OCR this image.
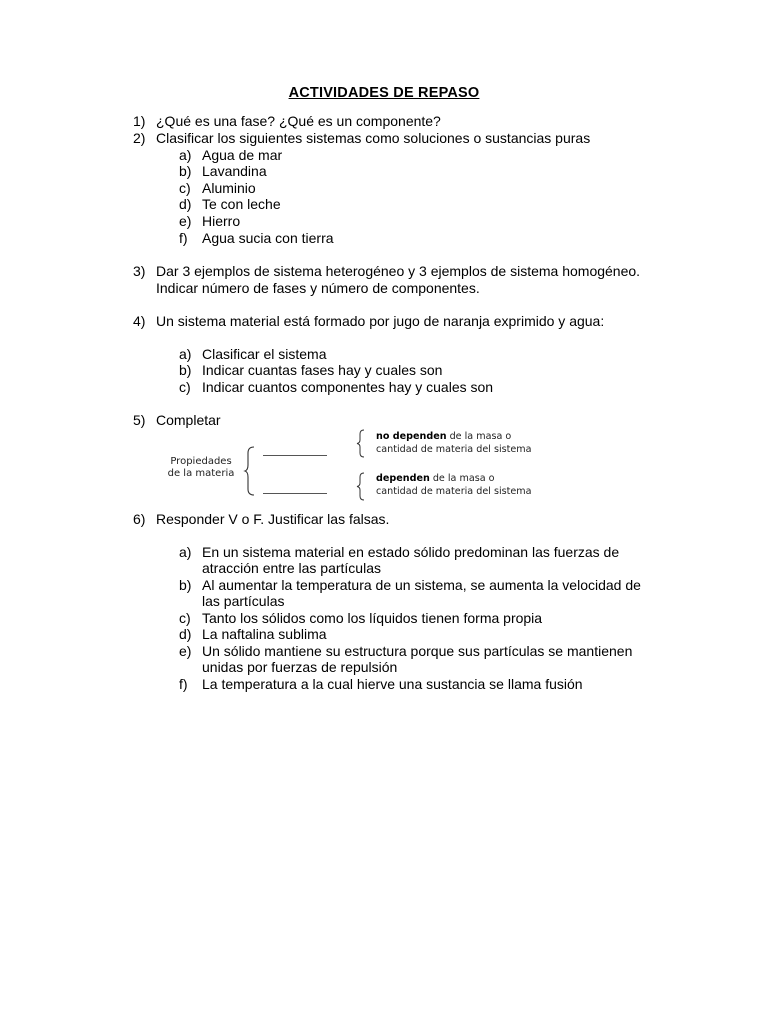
ACTIVIDADES DE REPASO
1) ¿Qué es una fase? ¿Qué es un componente?
2) Clasificar los siguientes sistemas como soluciones o sustancias puras
a) Agua de mar
b) Lavandina
c) Aluminio
d) Te con leche
e) Hierro
f) Agua sucia con tierra
3) Dar 3 ejemplos de sistema heterogéneo y 3 ejemplos de sistema homogéneo.
Indicar número de fases y número de componentes.
4) Un sistema material está formado por jugo de naranja exprimido y agua:
a) Clasificar el sistema
b) Indicar cuantas fases hay y cuales son
c) Indicar cuantos componentes hay y cuales son
5) Completar
Propiedades
de la materia
no dependen de la masa o
cantidad de materia del sistema
dependen de la masa o
cantidad de materia del sistema
6) Responder V o F. Justificar las falsas.
a) En un sistema material en estado sólido predominan las fuerzas de
atracción entre las partículas
b) Al aumentar la temperatura de un sistema, se aumenta la velocidad de
las partículas
c) Tanto los sólidos como los líquidos tienen forma propia
d) La naftalina sublima
e) Un sólido mantiene su estructura porque sus partículas se mantienen
unidas por fuerzas de repulsión
f) La temperatura a la cual hierve una sustancia se llama fusión
